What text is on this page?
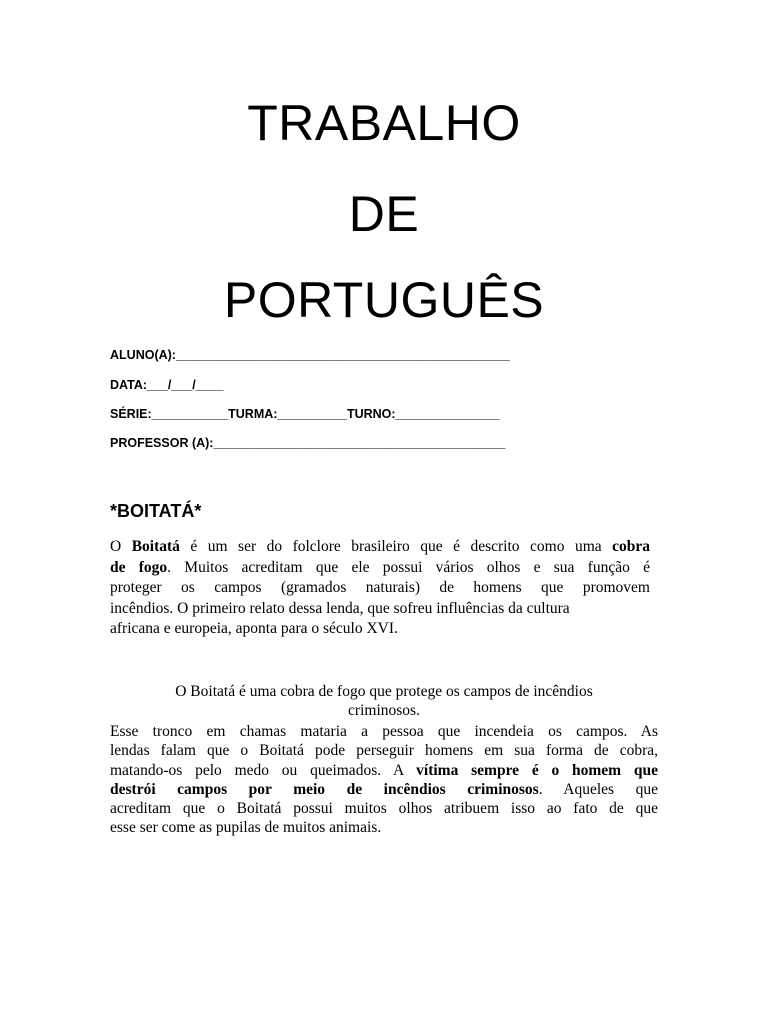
TRABALHO
DE
PORTUGUÊS
ALUNO(A):________________________________________________
DATA:___/___/____
SÉRIE:___________TURMA:__________TURNO:_______________
PROFESSOR (A):__________________________________________
*BOITATÁ*
O Boitatá é um ser do folclore brasileiro que é descrito como uma cobra
de fogo. Muitos acreditam que ele possui vários olhos e sua função é
proteger os campos (gramados naturais) de homens que promovem
incêndios. O primeiro relato dessa lenda, que sofreu influências da cultura
africana e europeia, aponta para o século XVI.
O Boitatá é uma cobra de fogo que protege os campos de incêndios
criminosos.
Esse tronco em chamas mataria a pessoa que incendeia os campos. As
lendas falam que o Boitatá pode perseguir homens em sua forma de cobra,
matando-os pelo medo ou queimados. A vítima sempre é o homem que
destrói campos por meio de incêndios criminosos. Aqueles que
acreditam que o Boitatá possui muitos olhos atribuem isso ao fato de que
esse ser come as pupilas de muitos animais.
